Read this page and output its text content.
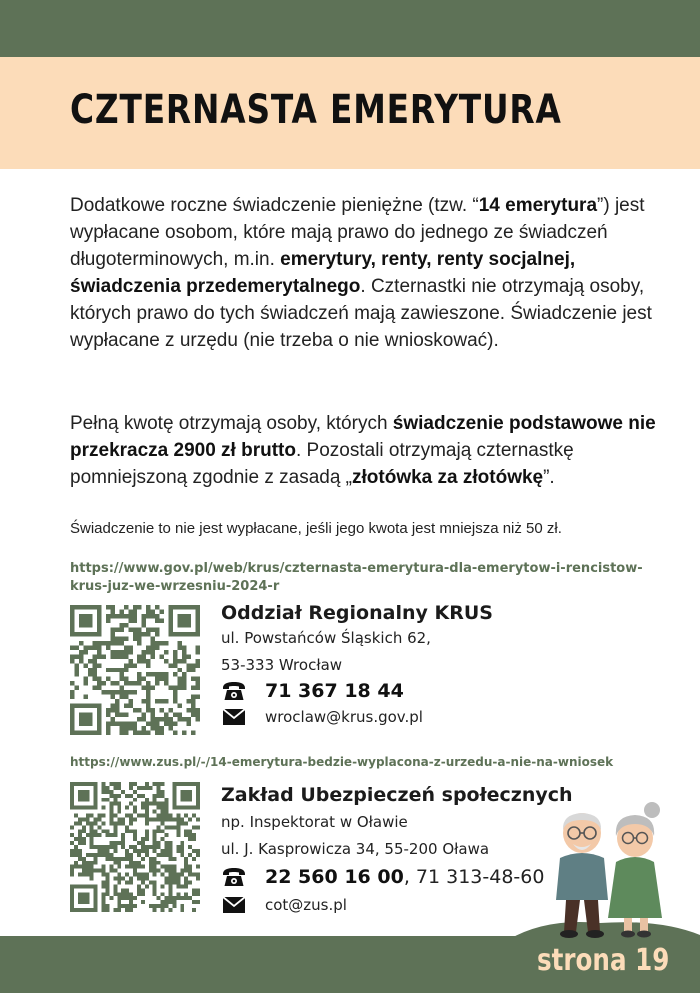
CZTERNASTA EMERYTURA

Dodatkowe roczne świadczenie pieniężne (tzw. “14 emerytura”) jest wypłacane osobom, które mają prawo do jednego ze świadczeń długoterminowych, m.in. emerytury, renty, renty socjalnej, świadczenia przedemerytalnego. Czternastki nie otrzymają osoby, których prawo do tych świadczeń mają zawieszone. Świadczenie jest wypłacane z urzędu (nie trzeba o nie wnioskować).

Pełną kwotę otrzymają osoby, których świadczenie podstawowe nie przekracza 2900 zł brutto. Pozostali otrzymają czternastkę pomniejszoną zgodnie z zasadą „złotówka za złotówkę”.

Świadczenie to nie jest wypłacane, jeśli jego kwota jest mniejsza niż 50 zł.

https://www.gov.pl/web/krus/czternasta-emerytura-dla-emerytow-i-rencistow-krus-juz-we-wrzesniu-2024-r

Oddział Regionalny KRUS

ul. Powstańców Śląskich 62,

53-333 Wrocław

71 367 18 44
wroclaw@krus.gov.pl

https://www.zus.pl/-/14-emerytura-bedzie-wyplacona-z-urzedu-a-nie-na-wniosek

Zakład Ubezpieczeń społecznych

np. Inspektorat w Oławie

ul. J. Kasprowicza 34, 55-200 Oława

22 560 16 00 , 71 313-48-60
cot@zus.pl

strona 19
